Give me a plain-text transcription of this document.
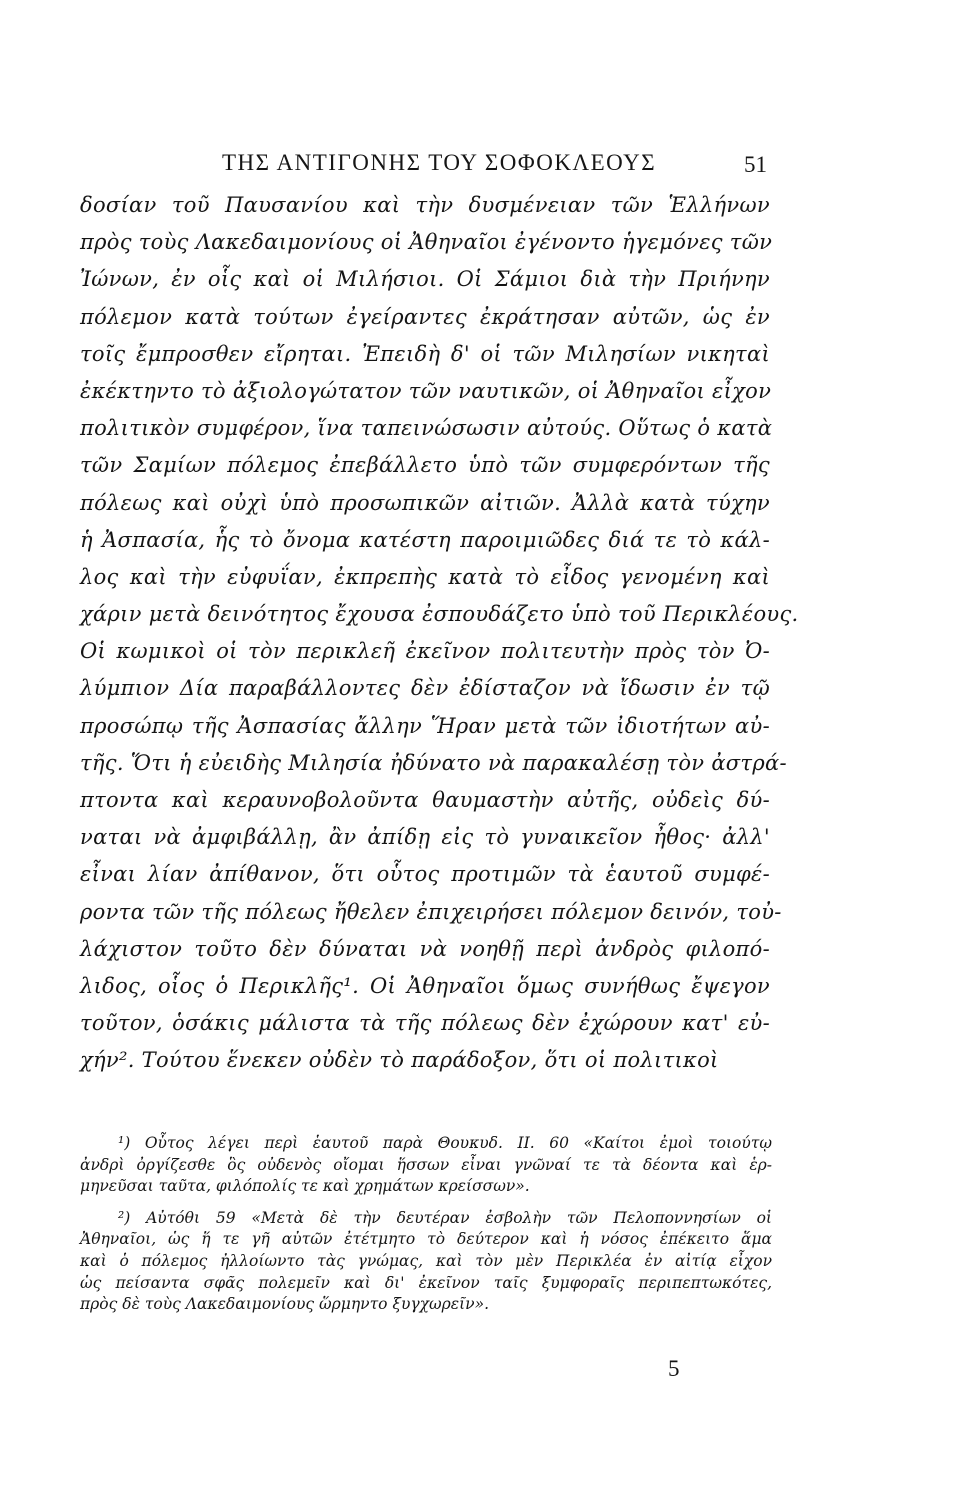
ΤΗΣ ΑΝΤΙΓΟΝΗΣ ΤΟΥ ΣΟΦΟΚΛΕΟΥΣ	51
δοσίαν τοῦ Παυσανίου καὶ τὴν δυσμένειαν τῶν Ἑλλήνων
πρὸς τοὺς Λακεδαιμονίους οἱ Ἀθηναῖοι ἐγένοντο ἡγεμόνες τῶν
Ἰώνων, ἐν οἷς καὶ οἱ Μιλήσιοι. Οἱ Σάμιοι διὰ τὴν Πριήνην
πόλεμον κατὰ τούτων ἐγείραντες ἐκράτησαν αὐτῶν, ὡς ἐν
τοῖς ἔμπροσθεν εἴρηται. Ἐπειδὴ δ' οἱ τῶν Μιλησίων νικηταὶ
ἐκέκτηντο τὸ ἀξιολογώτατον τῶν ναυτικῶν, οἱ Ἀθηναῖοι εἶχον
πολιτικὸν συμφέρον, ἵνα ταπεινώσωσιν αὐτούς. Οὕτως ὁ κατὰ
τῶν Σαμίων πόλεμος ἐπεβάλλετο ὑπὸ τῶν συμφερόντων τῆς
πόλεως καὶ οὐχὶ ὑπὸ προσωπικῶν αἰτιῶν. Ἀλλὰ κατὰ τύχην
ἡ Ἀσπασία, ἧς τὸ ὄνομα κατέστη παροιμιῶδες διά τε τὸ κάλ-
λος καὶ τὴν εὐφυΐαν, ἐκπρεπὴς κατὰ τὸ εἶδος γενομένη καὶ
χάριν μετὰ δεινότητος ἔχουσα ἐσπουδάζετο ὑπὸ τοῦ Περικλέους.
Οἱ κωμικοὶ οἱ τὸν περικλεῆ ἐκεῖνον πολιτευτὴν πρὸς τὸν Ὀ-
λύμπιον Δία παραβάλλοντες δὲν ἐδίσταζον νὰ ἴδωσιν ἐν τῷ
προσώπῳ τῆς Ἀσπασίας ἄλλην Ἥραν μετὰ τῶν ἰδιοτήτων αὐ-
τῆς. Ὅτι ἡ εὐειδὴς Μιλησία ἠδύνατο νὰ παρακαλέσῃ τὸν ἀστρά-
πτοντα καὶ κεραυνοβολοῦντα θαυμαστὴν αὐτῆς, οὐδεὶς δύ-
ναται νὰ ἀμφιβάλλῃ, ἂν ἀπίδῃ εἰς τὸ γυναικεῖον ἦθος· ἀλλ'
εἶναι λίαν ἀπίθανον, ὅτι οὗτος προτιμῶν τὰ ἑαυτοῦ συμφέ-
ροντα τῶν τῆς πόλεως ἤθελεν ἐπιχειρήσει πόλεμον δεινόν, τοὐ-
λάχιστον τοῦτο δὲν δύναται νὰ νοηθῇ περὶ ἀνδρὸς φιλοπό-
λιδος, οἷος ὁ Περικλῆς¹. Οἱ Ἀθηναῖοι ὅμως συνήθως ἔψεγον
τοῦτον, ὁσάκις μάλιστα τὰ τῆς πόλεως δὲν ἐχώρουν κατ' εὐ-
χήν². Τούτου ἕνεκεν οὐδὲν τὸ παράδοξον, ὅτι οἱ πολιτικοὶ
¹) Οὗτος λέγει περὶ ἑαυτοῦ παρὰ Θουκυδ. II. 60 «Καίτοι ἐμοὶ τοιούτῳ
ἀνδρὶ ὀργίζεσθε ὃς οὐδενὸς οἴομαι ἥσσων εἶναι γνῶναί τε τὰ δέοντα καὶ ἑρ-
μηνεῦσαι ταῦτα, φιλόπολίς τε καὶ χρημάτων κρείσσων».
²) Αὐτόθι 59 «Μετὰ δὲ τὴν δευτέραν ἐσβολὴν τῶν Πελοποννησίων οἱ
Ἀθηναῖοι, ὡς ἥ τε γῆ αὐτῶν ἐτέτμητο τὸ δεύτερον καὶ ἡ νόσος ἐπέκειτο ἅμα
καὶ ὁ πόλεμος ἠλλοίωντο τὰς γνώμας, καὶ τὸν μὲν Περικλέα ἐν αἰτίᾳ εἶχον
ὡς πείσαντα σφᾶς πολεμεῖν καὶ δι' ἐκεῖνον ταῖς ξυμφοραῖς περιπεπτωκότες,
πρὸς δὲ τοὺς Λακεδαιμονίους ὥρμηντο ξυγχωρεῖν».
5
